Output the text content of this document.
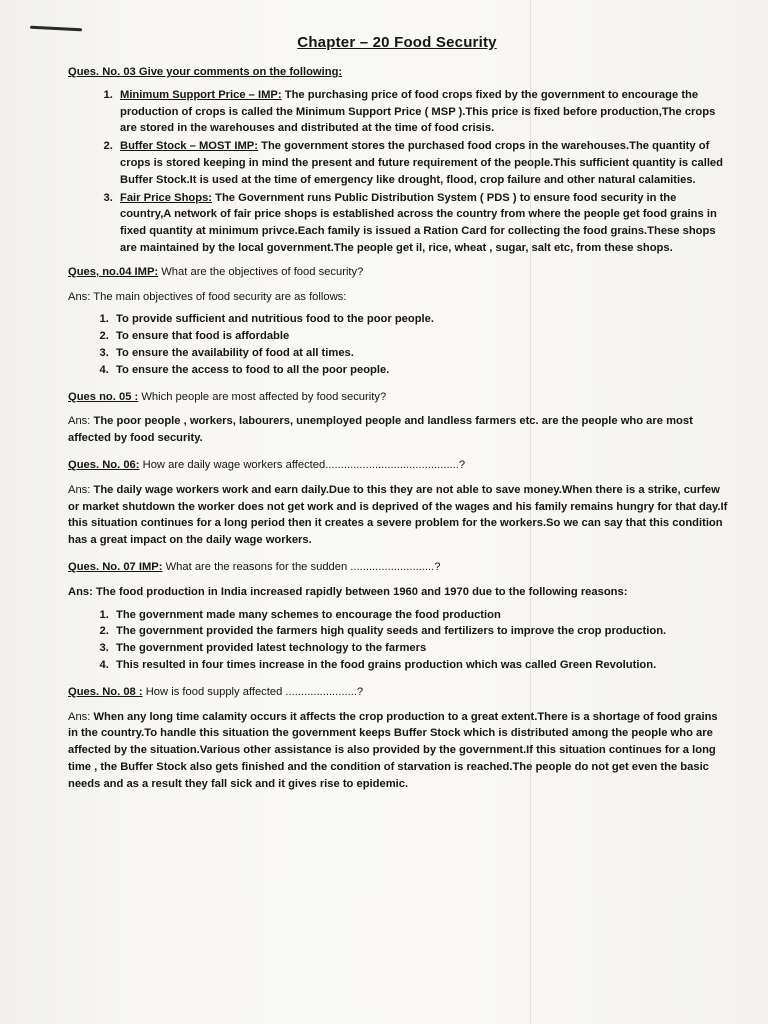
Chapter – 20 Food Security

Ques. No. 03 Give your comments on the following:

1. Minimum Support Price – IMP: The purchasing price of food crops fixed by the government to encourage the production of crops is called the Minimum Support Price ( MSP ).This price is fixed before production,The crops are stored in the warehouses and distributed at the time of food crisis.
2. Buffer Stock – MOST IMP: The government stores the purchased food crops in the warehouses.The quantity of crops is stored keeping in mind the present and future requirement of the people.This sufficient quantity is called Buffer Stock.It is used at the time of emergency like drought, flood, crop failure and other natural calamities.
3. Fair Price Shops: The Government runs Public Distribution System ( PDS ) to ensure food security in the country,A network of fair price shops is established across the country from where the people get food grains in fixed quantity at minimum privce.Each family is issued a Ration Card for collecting the food grains.These shops are maintained by the local government.The people get il, rice, wheat , sugar, salt etc, from these shops.

Ques, no.04 IMP: What are the objectives of food security?

Ans: The main objectives of food security are as follows:

1. To provide sufficient and nutritious food to the poor people.
2. To ensure that food is affordable
3. To ensure the availability of food at all times.
4. To ensure the access to food to all the poor people.

Ques no. 05 : Which people are most affected by food security?

Ans: The poor people , workers, labourers, unemployed people and landless farmers etc. are the people who are most affected by food security.

Ques. No. 06: How are daily wage workers affected...........................................?

Ans: The daily wage workers work and earn daily.Due to this they are not able to save money.When there is a strike, curfew or market shutdown the worker does not get work and is deprived of the wages and his family remains hungry for that day.If this situation continues for a long period then it creates a severe problem for the workers.So we can say that this condition has a great impact on the daily wage workers.

Ques. No. 07 IMP: What are the reasons for the sudden ...........................?

Ans: The food production in India increased rapidly between 1960 and 1970 due to the following reasons:

1. The government made many schemes to encourage the food production
2. The government provided the farmers high quality seeds and fertilizers to improve the crop production.
3. The government provided latest technology to the farmers
4. This resulted in four times increase in the food grains production which was called Green Revolution.

Ques. No. 08 : How is food supply affected .......................?

Ans: When any long time calamity occurs it affects the crop production to a great extent.There is a shortage of food grains in the country.To handle this situation the government keeps Buffer Stock which is distributed among the people who are affected by the situation.Various other assistance is also provided by the government.If this situation continues for a long time , the Buffer Stock also gets finished and the condition of starvation is reached.The people do not get even the basic needs and as a result they fall sick and it gives rise to epidemic.
